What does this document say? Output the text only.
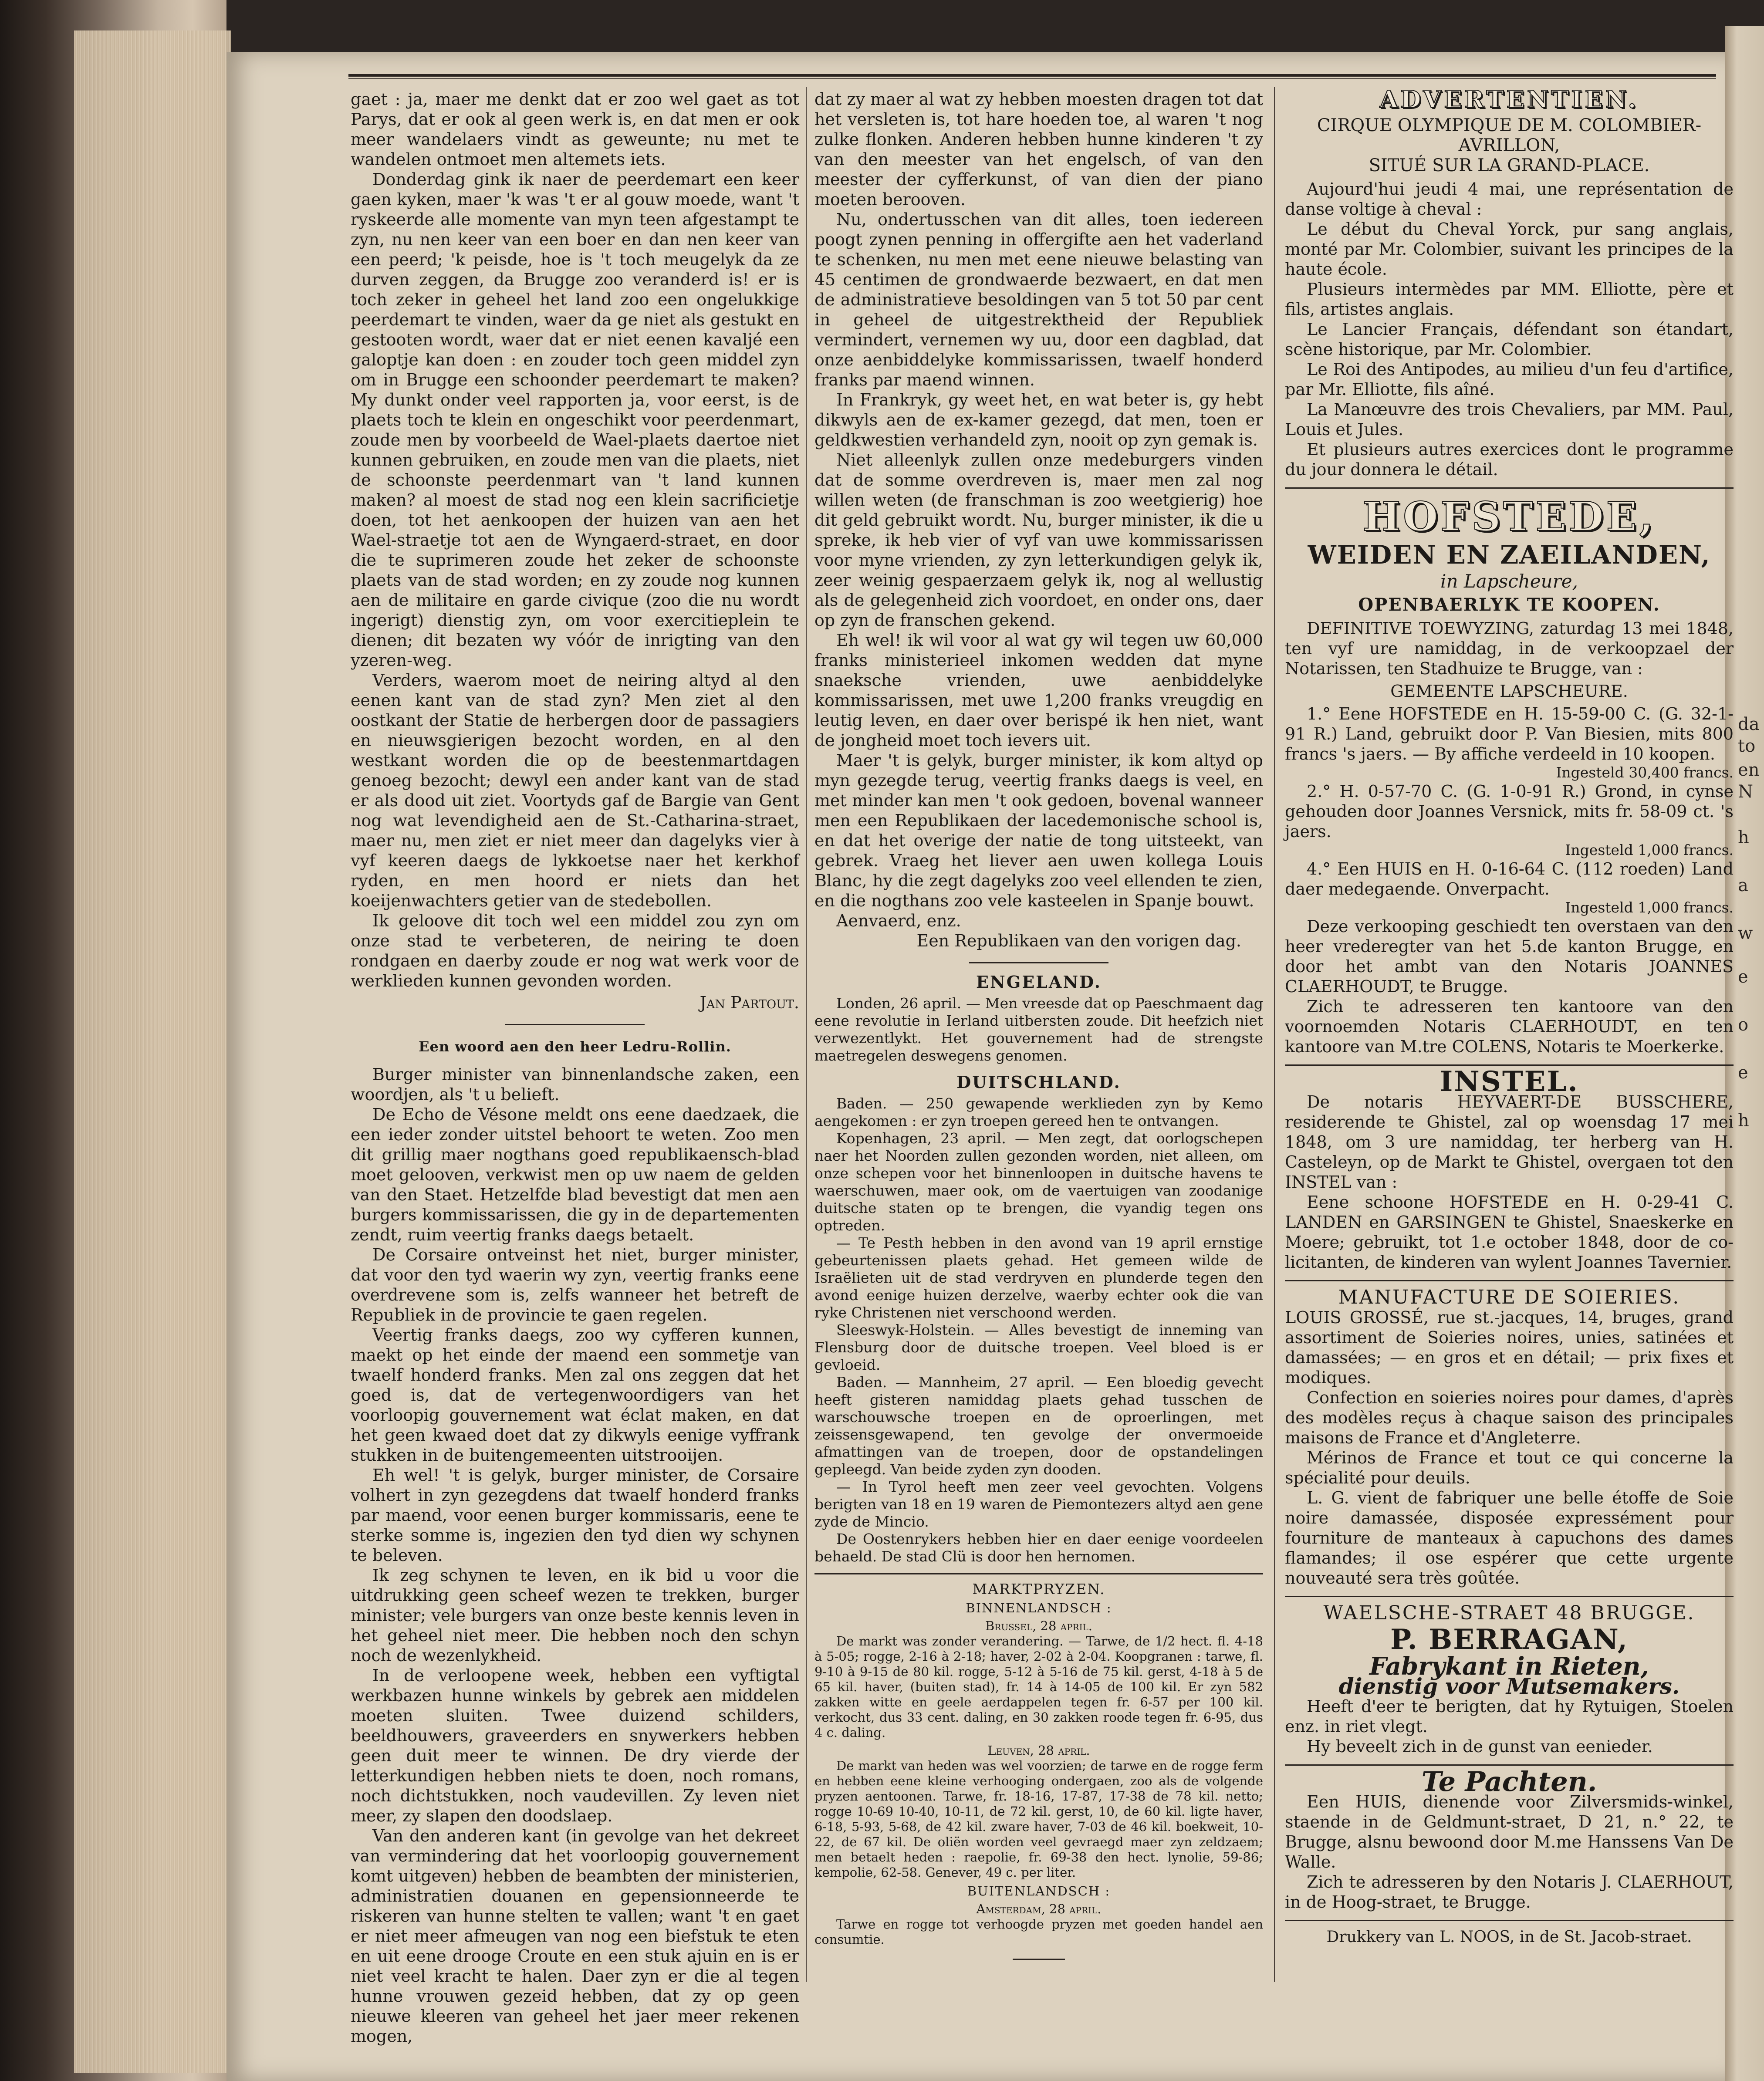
da
to
en
N
h
a
w
e
o
e
h

gaet : ja, maer me denkt dat er zoo wel gaet as tot Parys, dat er ook al geen werk is, en dat men er ook meer wandelaers vindt as geweunte; nu met te wandelen ontmoet men altemets iets.

Donderdag gink ik naer de peerdemart een keer gaen kyken, maer 'k was 't er al gouw moede, want 't ryskeerde alle momente van myn teen afgestampt te zyn, nu nen keer van een boer en dan nen keer van een peerd; 'k peisde, hoe is 't toch meugelyk da ze durven zeggen, da Brugge zoo veranderd is! er is toch zeker in geheel het land zoo een ongelukkige peerdemart te vinden, waer da ge niet als gestukt en gestooten wordt, waer dat er niet eenen kavaljé een galoptje kan doen : en zouder toch geen middel zyn om in Brugge een schoonder peerdemart te maken? My dunkt onder veel rapporten ja, voor eerst, is de plaets toch te klein en ongeschikt voor peerdenmart, zoude men by voorbeeld de Wael-plaets daertoe niet kunnen gebruiken, en zoude men van die plaets, niet de schoonste peerdenmart van 't land kunnen maken? al moest de stad nog een klein sacrificietje doen, tot het aenkoopen der huizen van aen het Wael-straetje tot aen de Wyngaerd-straet, en door die te suprimeren zoude het zeker de schoonste plaets van de stad worden; en zy zoude nog kunnen aen de militaire en garde civique (zoo die nu wordt ingerigt) dienstig zyn, om voor exercitieplein te dienen; dit bezaten wy vóór de inrigting van den yzeren-weg.

Verders, waerom moet de neiring altyd al den eenen kant van de stad zyn? Men ziet al den oostkant der Statie de herbergen door de passagiers en nieuwsgierigen bezocht worden, en al den westkant worden die op de beestenmartdagen genoeg bezocht; dewyl een ander kant van de stad er als dood uit ziet. Voortyds gaf de Bargie van Gent nog wat levendigheid aen de St.-Catharina-straet, maer nu, men ziet er niet meer dan dagelyks vier à vyf keeren daegs de lykkoetse naer het kerkhof ryden, en men hoord er niets dan het koeijenwachters getier van de stedebollen.

Ik geloove dit toch wel een middel zou zyn om onze stad te verbeteren, de neiring te doen rondgaen en daerby zoude er nog wat werk voor de werklieden kunnen gevonden worden.

Jan Partout.
Een woord aen den heer Ledru-Rollin.

Burger minister van binnenlandsche zaken, een woordjen, als 't u belieft.

De Echo de Vésone meldt ons eene daedzaek, die een ieder zonder uitstel behoort te weten. Zoo men dit grillig maer nogthans goed republikaensch-blad moet gelooven, verkwist men op uw naem de gelden van den Staet. Hetzelfde blad bevestigt dat men aen burgers kommissarissen, die gy in de departementen zendt, ruim veertig franks daegs betaelt.

De Corsaire ontveinst het niet, burger minister, dat voor den tyd waerin wy zyn, veertig franks eene overdrevene som is, zelfs wanneer het betreft de Republiek in de provincie te gaen regelen.

Veertig franks daegs, zoo wy cyfferen kunnen, maekt op het einde der maend een sommetje van twaelf honderd franks. Men zal ons zeggen dat het goed is, dat de vertegenwoordigers van het voorloopig gouvernement wat éclat maken, en dat het geen kwaed doet dat zy dikwyls eenige vyffrank stukken in de buitengemeenten uitstrooijen.

Eh wel! 't is gelyk, burger minister, de Corsaire volhert in zyn gezegdens dat twaelf honderd franks par maend, voor eenen burger kommissaris, eene te sterke somme is, ingezien den tyd dien wy schynen te beleven.

Ik zeg schynen te leven, en ik bid u voor die uitdrukking geen scheef wezen te trekken, burger minister; vele burgers van onze beste kennis leven in het geheel niet meer. Die hebben noch den schyn noch de wezenlykheid.

In de verloopene week, hebben een vyftigtal werkbazen hunne winkels by gebrek aen middelen moeten sluiten. Twee duizend schilders, beeldhouwers, graveerders en snywerkers hebben geen duit meer te winnen. De dry vierde der letterkundigen hebben niets te doen, noch romans, noch dichtstukken, noch vaudevillen. Zy leven niet meer, zy slapen den doodslaep.

Van den anderen kant (in gevolge van het dekreet van vermindering dat het voorloopig gouvernement komt uitgeven) hebben de beambten der ministerien, administratien douanen en gepensionneerde te riskeren van hunne stelten te vallen; want 't en gaet er niet meer afmeugen van nog een biefstuk te eten en uit eene drooge Croute en een stuk ajuin en is er niet veel kracht te halen. Daer zyn er die al tegen hunne vrouwen gezeid hebben, dat zy op geen nieuwe kleeren van geheel het jaer meer rekenen mogen,

dat zy maer al wat zy hebben moesten dragen tot dat het versleten is, tot hare hoeden toe, al waren 't nog zulke flonken. Anderen hebben hunne kinderen 't zy van den meester van het engelsch, of van den meester der cyfferkunst, of van dien der piano moeten berooven.

Nu, ondertusschen van dit alles, toen iedereen poogt zynen penning in offergifte aen het vaderland te schenken, nu men met eene nieuwe belasting van 45 centimen de grondwaerde bezwaert, en dat men de administratieve besoldingen van 5 tot 50 par cent in geheel de uitgestrektheid der Republiek vermindert, vernemen wy uu, door een dagblad, dat onze aenbiddelyke kommissarissen, twaelf honderd franks par maend winnen.

In Frankryk, gy weet het, en wat beter is, gy hebt dikwyls aen de ex-kamer gezegd, dat men, toen er geldkwestien verhandeld zyn, nooit op zyn gemak is.

Niet alleenlyk zullen onze medeburgers vinden dat de somme overdreven is, maer men zal nog willen weten (de franschman is zoo weetgierig) hoe dit geld gebruikt wordt. Nu, burger minister, ik die u spreke, ik heb vier of vyf van uwe kommissarissen voor myne vrienden, zy zyn letterkundigen gelyk ik, zeer weinig gespaerzaem gelyk ik, nog al wellustig als de gelegenheid zich voordoet, en onder ons, daer op zyn de franschen gekend.

Eh wel! ik wil voor al wat gy wil tegen uw 60,000 franks ministerieel inkomen wedden dat myne snaeksche vrienden, uwe aenbiddelyke kommissarissen, met uwe 1,200 franks vreugdig en leutig leven, en daer over berispé ik hen niet, want de jongheid moet toch ievers uit.

Maer 't is gelyk, burger minister, ik kom altyd op myn gezegde terug, veertig franks daegs is veel, en met minder kan men 't ook gedoen, bovenal wanneer men een Republikaen der lacedemonische school is, en dat het overige der natie de tong uitsteekt, van gebrek. Vraeg het liever aen uwen kollega Louis Blanc, hy die zegt dagelyks zoo veel ellenden te zien, en die nogthans zoo vele kasteelen in Spanje bouwt.

Aenvaerd, enz.

Een Republikaen van den vorigen dag.
ENGELAND.

Londen, 26 april. — Men vreesde dat op Paeschmaent dag eene revolutie in Ierland uitbersten zoude. Dit heefzich niet verwezentlykt. Het gouvernement had de strengste maetregelen deswegens genomen.

DUITSCHLAND.

Baden. — 250 gewapende werklieden zyn by Kemo aengekomen : er zyn troepen gereed hen te ontvangen.

Kopenhagen, 23 april. — Men zegt, dat oorlogschepen naer het Noorden zullen gezonden worden, niet alleen, om onze schepen voor het binnenloopen in duitsche havens te waerschuwen, maer ook, om de vaertuigen van zoodanige duitsche staten op te brengen, die vyandig tegen ons optreden.

— Te Pesth hebben in den avond van 19 april ernstige gebeurtenissen plaets gehad. Het gemeen wilde de Israëlieten uit de stad verdryven en plunderde tegen den avond eenige huizen derzelve, waerby echter ook die van ryke Christenen niet verschoond werden.

Sleeswyk-Holstein. — Alles bevestigt de inneming van Flensburg door de duitsche troepen. Veel bloed is er gevloeid.

Baden. — Mannheim, 27 april. — Een bloedig gevecht heeft gisteren namiddag plaets gehad tusschen de warschouwsche troepen en de oproerlingen, met zeissensgewapend, ten gevolge der onvermoeide afmattingen van de troepen, door de opstandelingen gepleegd. Van beide zyden zyn dooden.

— In Tyrol heeft men zeer veel gevochten. Volgens berigten van 18 en 19 waren de Piemontezers altyd aen gene zyde de Mincio.

De Oostenrykers hebben hier en daer eenige voordeelen behaeld. De stad Clü is door hen hernomen.

MARKTPRYZEN.
BINNENLANDSCH :
Brussel, 28 april.

De markt was zonder verandering. — Tarwe, de 1/2 hect. fl. 4-18 à 5-05; rogge, 2-16 à 2-18; haver, 2-02 à 2-04. Koopgranen : tarwe, fl. 9-10 à 9-15 de 80 kil. rogge, 5-12 à 5-16 de 75 kil. gerst, 4-18 à 5 de 65 kil. haver, (buiten stad), fr. 14 à 14-05 de 100 kil. Er zyn 582 zakken witte en geele aerdappelen tegen fr. 6-57 per 100 kil. verkocht, dus 33 cent. daling, en 30 zakken roode tegen fr. 6-95, dus 4 c. daling.

Leuven, 28 april.

De markt van heden was wel voorzien; de tarwe en de rogge ferm en hebben eene kleine verhooging ondergaen, zoo als de volgende pryzen aentoonen. Tarwe, fr. 18-16, 17-87, 17-38 de 78 kil. netto; rogge 10-69 10-40, 10-11, de 72 kil. gerst, 10, de 60 kil. ligte haver, 6-18, 5-93, 5-68, de 42 kil. zware haver, 7-03 de 46 kil. boekweit, 10-22, de 67 kil. De oliën worden veel gevraegd maer zyn zeldzaem; men betaelt heden : raepolie, fr. 69-38 den hect. lynolie, 59-86; kempolie, 62-58. Genever, 49 c. per liter.

BUITENLANDSCH :
Amsterdam, 28 april.

Tarwe en rogge tot verhoogde pryzen met goeden handel aen consumtie.

ADVERTENTIEN.
CIRQUE OLYMPIQUE DE M. COLOMBIER-AVRILLON,
SITUÉ SUR LA GRAND-PLACE.

Aujourd'hui jeudi 4 mai, une représentation de danse voltige à cheval :

Le début du Cheval Yorck, pur sang anglais, monté par Mr. Colombier, suivant les principes de la haute école.

Plusieurs intermèdes par MM. Elliotte, père et fils, artistes anglais.

Le Lancier Français, défendant son étandart, scène historique, par Mr. Colombier.

Le Roi des Antipodes, au milieu d'un feu d'artifice, par Mr. Elliotte, fils aîné.

La Manœuvre des trois Chevaliers, par MM. Paul, Louis et Jules.

Et plusieurs autres exercices dont le programme du jour donnera le détail.

HOFSTEDE,
WEIDEN EN ZAEILANDEN,
in Lapscheure,
OPENBAERLYK TE KOOPEN.

DEFINITIVE TOEWYZING, zaturdag 13 mei 1848, ten vyf ure namiddag, in de verkoopzael der Notarissen, ten Stadhuize te Brugge, van :

GEMEENTE LAPSCHEURE.

1.° Eene HOFSTEDE en H. 15-59-00 C. (G. 32-1-91 R.) Land, gebruikt door P. Van Biesien, mits 800 francs 's jaers. — By affiche verdeeld in 10 koopen.

Ingesteld 30,400 francs.

2.° H. 0-57-70 C. (G. 1-0-91 R.) Grond, in cynse gehouden door Joannes Versnick, mits fr. 58-09 ct. 's jaers.

Ingesteld 1,000 francs.

4.° Een HUIS en H. 0-16-64 C. (112 roeden) Land daer medegaende. Onverpacht.

Ingesteld 1,000 francs.

Deze verkooping geschiedt ten overstaen van den heer vrederegter van het 5.de kanton Brugge, en door het ambt van den Notaris JOANNES CLAERHOUDT, te Brugge.

Zich te adresseren ten kantoore van den voornoemden Notaris CLAERHOUDT, en ten kantoore van M.tre COLENS, Notaris te Moerkerke.

INSTEL.

De notaris HEYVAERT-DE BUSSCHERE, residerende te Ghistel, zal op woensdag 17 mei 1848, om 3 ure namiddag, ter herberg van H. Casteleyn, op de Markt te Ghistel, overgaen tot den INSTEL van :

Eene schoone HOFSTEDE en H. 0-29-41 C. LANDEN en GARSINGEN te Ghistel, Snaeskerke en Moere; gebruikt, tot 1.e october 1848, door de co-licitanten, de kinderen van wylent Joannes Tavernier.

MANUFACTURE DE SOIERIES.

LOUIS GROSSÉ, rue st.-jacques, 14, bruges, grand assortiment de Soieries noires, unies, satinées et damassées; — en gros et en détail; — prix fixes et modiques.

Confection en soieries noires pour dames, d'après des modèles reçus à chaque saison des principales maisons de France et d'Angleterre.

Mérinos de France et tout ce qui concerne la spécialité pour deuils.

L. G. vient de fabriquer une belle étoffe de Soie noire damassée, disposée expressément pour fourniture de manteaux à capuchons des dames flamandes; il ose espérer que cette urgente nouveauté sera très goûtée.

WAELSCHE-STRAET 48 BRUGGE.
P. BERRAGAN,
Fabrykant in Rieten,
dienstig voor Mutsemakers.

Heeft d'eer te berigten, dat hy Rytuigen, Stoelen enz. in riet vlegt.

Hy beveelt zich in de gunst van eenieder.

Te Pachten.

Een HUIS, dienende voor Zilversmids-winkel, staende in de Geldmunt-straet, D 21, n.° 22, te Brugge, alsnu bewoond door M.me Hanssens Van De Walle.

Zich te adresseren by den Notaris J. CLAERHOUT, in de Hoog-straet, te Brugge.

Drukkery van L. NOOS, in de St. Jacob-straet.
